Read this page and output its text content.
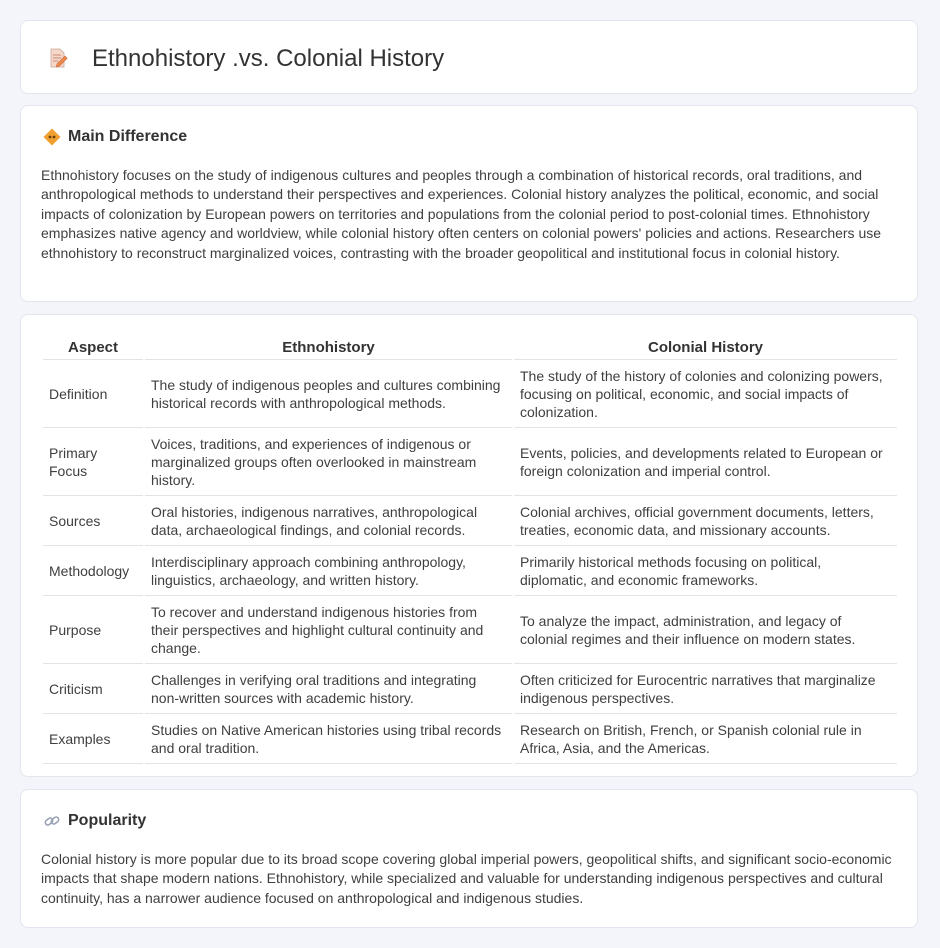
Ethnohistory .vs. Colonial History
Main Difference
Ethnohistory focuses on the study of indigenous cultures and peoples through a combination of historical records, oral traditions, and anthropological methods to understand their perspectives and experiences. Colonial history analyzes the political, economic, and social impacts of colonization by European powers on territories and populations from the colonial period to post-colonial times. Ethnohistory emphasizes native agency and worldview, while colonial history often centers on colonial powers' policies and actions. Researchers use ethnohistory to reconstruct marginalized voices, contrasting with the broader geopolitical and institutional focus in colonial history.
Aspect	Ethnohistory	Colonial History
Definition	The study of indigenous peoples and cultures combining historical records with anthropological methods.	The study of the history of colonies and colonizing powers, focusing on political, economic, and social impacts of colonization.
Primary Focus	Voices, traditions, and experiences of indigenous or marginalized groups often overlooked in mainstream history.	Events, policies, and developments related to European or foreign colonization and imperial control.
Sources	Oral histories, indigenous narratives, anthropological data, archaeological findings, and colonial records.	Colonial archives, official government documents, letters, treaties, economic data, and missionary accounts.
Methodology	Interdisciplinary approach combining anthropology, linguistics, archaeology, and written history.	Primarily historical methods focusing on political, diplomatic, and economic frameworks.
Purpose	To recover and understand indigenous histories from their perspectives and highlight cultural continuity and change.	To analyze the impact, administration, and legacy of colonial regimes and their influence on modern states.
Criticism	Challenges in verifying oral traditions and integrating non-written sources with academic history.	Often criticized for Eurocentric narratives that marginalize indigenous perspectives.
Examples	Studies on Native American histories using tribal records and oral tradition.	Research on British, French, or Spanish colonial rule in Africa, Asia, and the Americas.
Popularity
Colonial history is more popular due to its broad scope covering global imperial powers, geopolitical shifts, and significant socio-economic impacts that shape modern nations. Ethnohistory, while specialized and valuable for understanding indigenous perspectives and cultural continuity, has a narrower audience focused on anthropological and indigenous studies.
